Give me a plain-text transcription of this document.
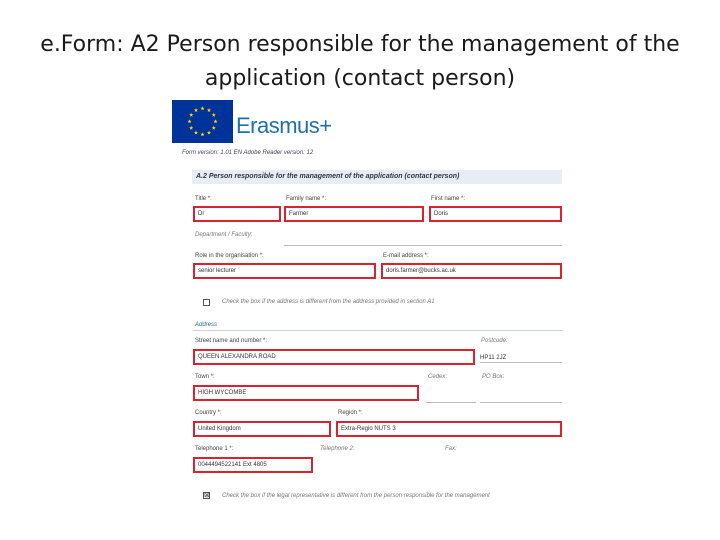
e.Form: A2 Person responsible for the management of the application (contact person)
Erasmus+
Form version: 1.01 EN Adobe Reader version: 12
A.2 Person responsible for the management of the application (contact person)
Title *:
Dr
Family name *:
Farmer
First name *:
Doris
Department / Faculty:
Role in the organisation *:
senior lecturer
E-mail address *:
doris.farmer@bucks.ac.uk
Check the box if the address is different from the address provided in section A1
Address
Street name and number *:
QUEEN ALEXANDRA ROAD
Postcode:
HP11 2JZ
Town *:
HIGH WYCOMBE
Cedex:	PO Box:
Country *:
United Kingdom
Region *:
Extra-Regio NUTS 3
Telephone 1 *:
0044494522141 Ext 4805
Telephone 2:	Fax:
⊠ Check the box if the legal representative is different from the person responsible for the management
